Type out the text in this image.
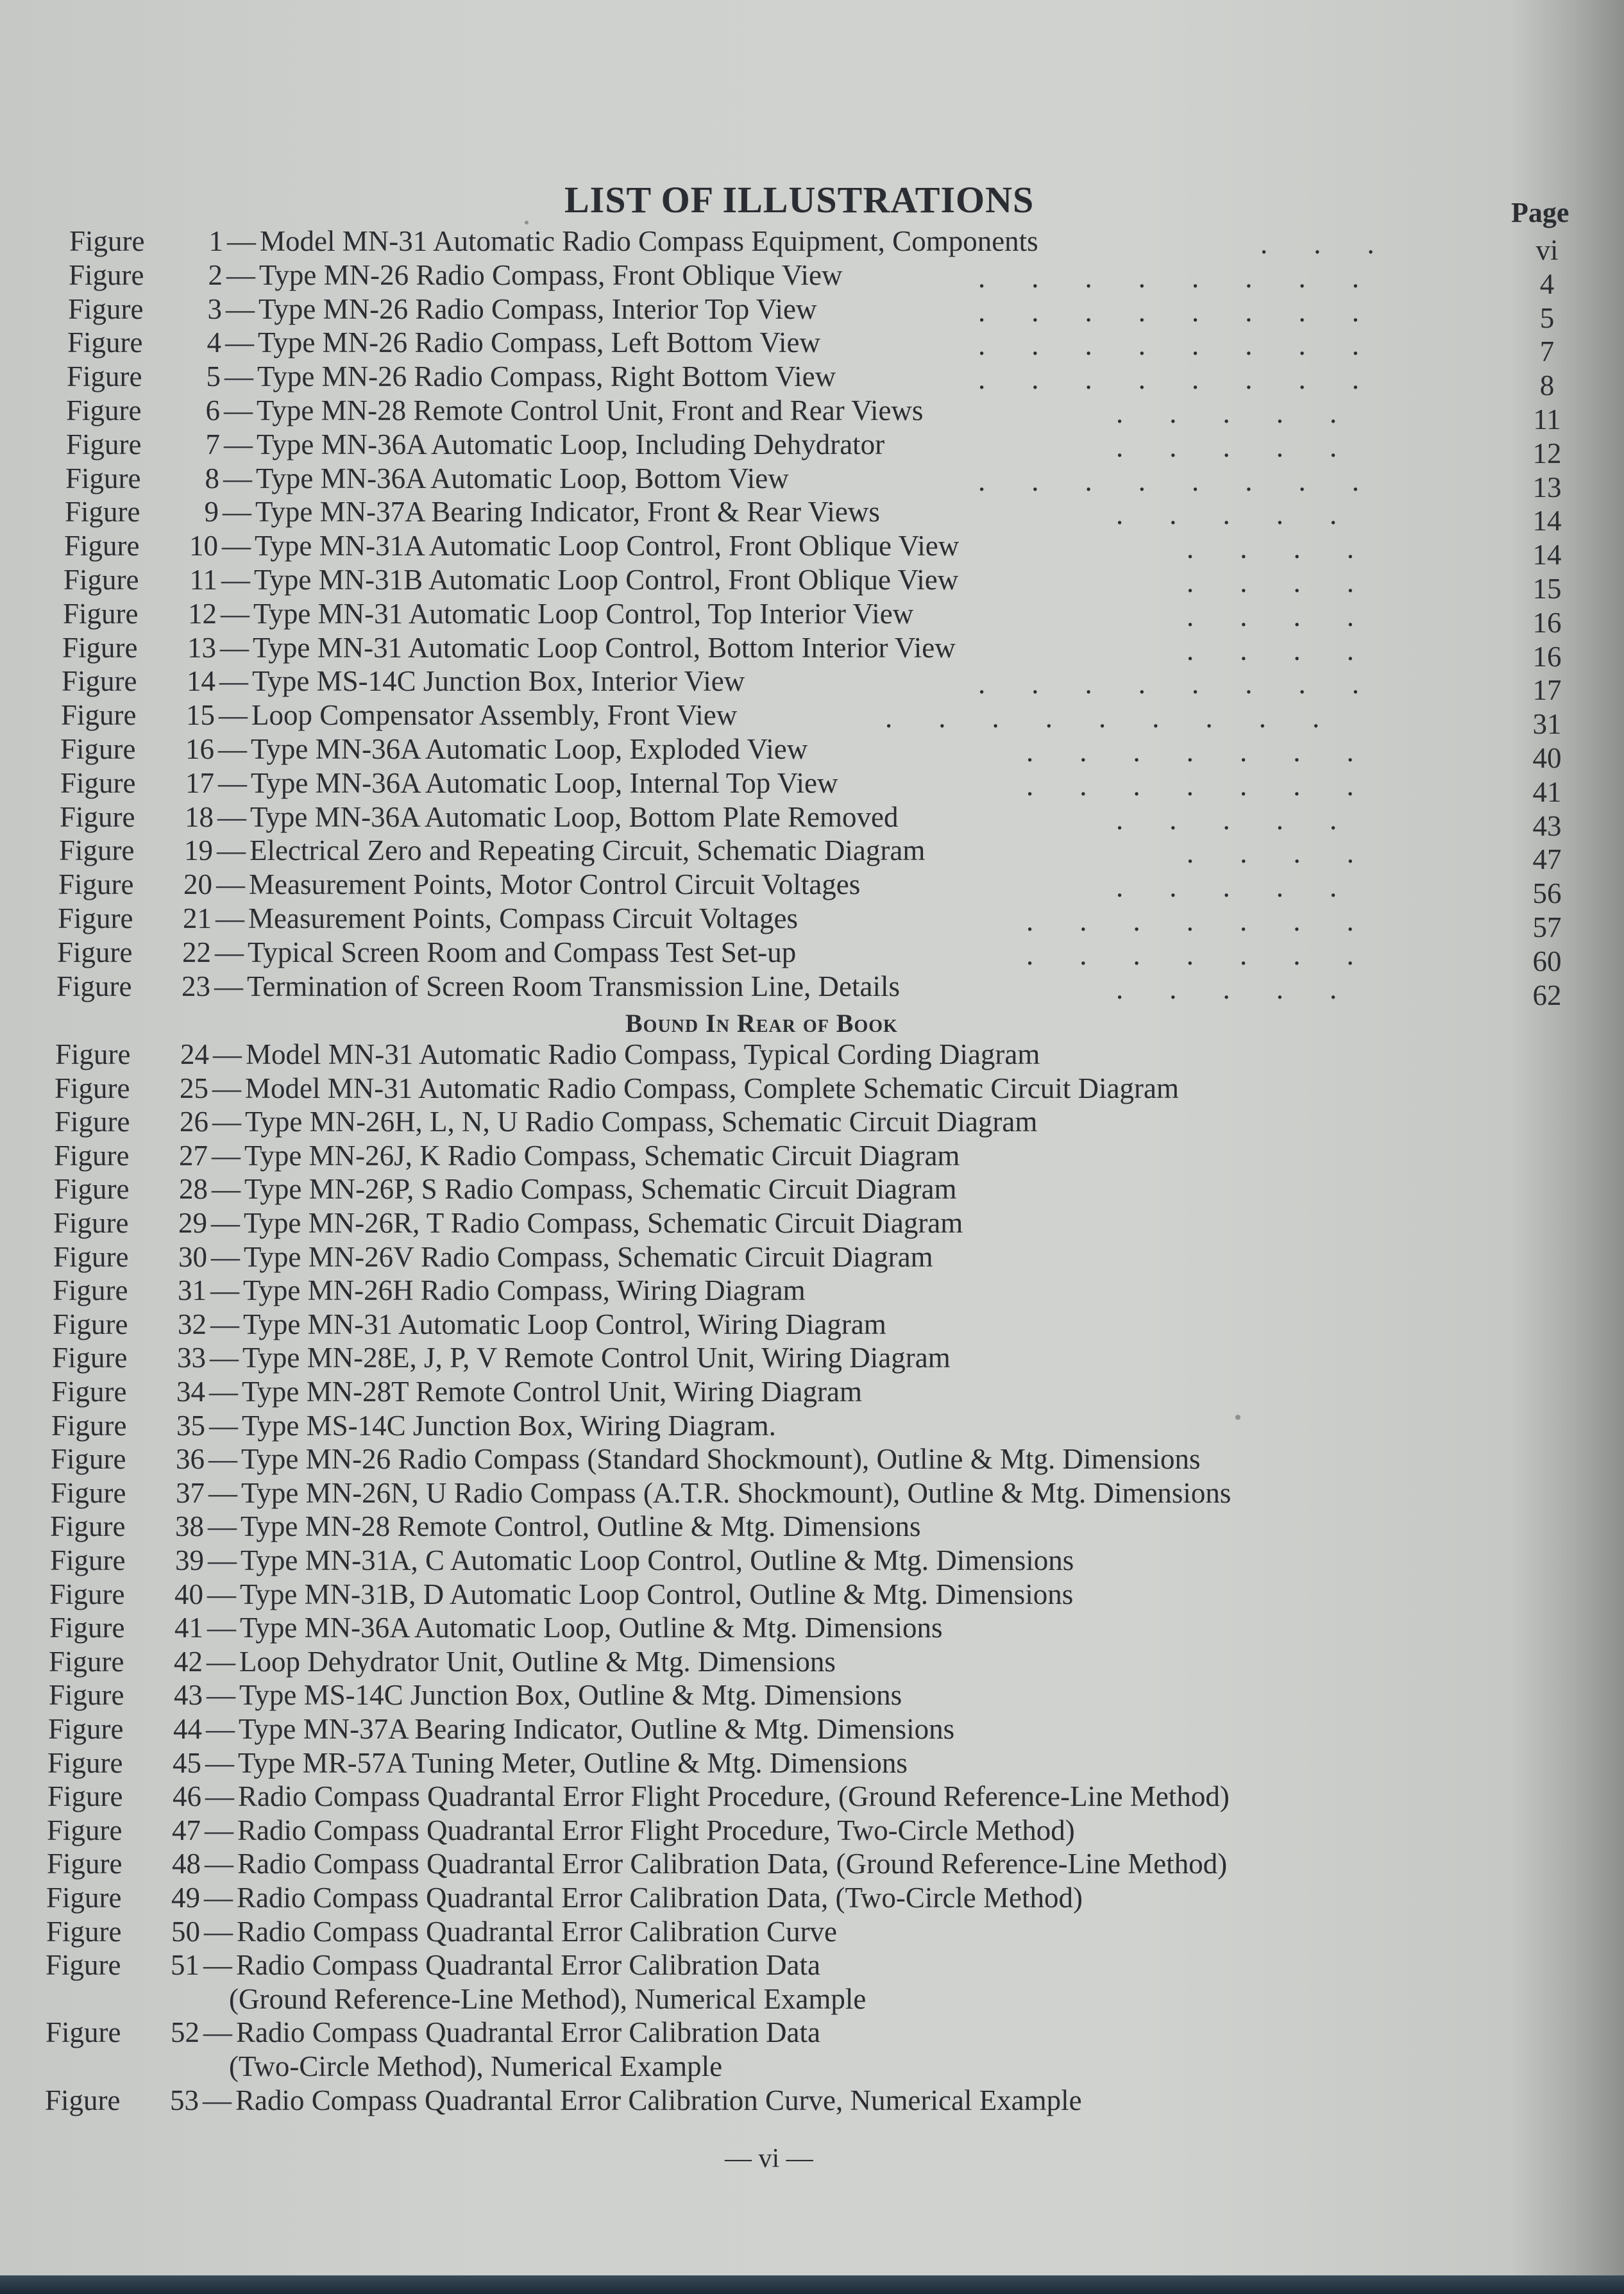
LIST OF ILLUSTRATIONS	Page
Figure 1 — Model MN-31 Automatic Radio Compass Equipment, Components	...	vi
Figure 2 — Type MN-26 Radio Compass, Front Oblique View	........	4
Figure 3 — Type MN-26 Radio Compass, Interior Top View	........	5
Figure 4 — Type MN-26 Radio Compass, Left Bottom View	........	7
Figure 5 — Type MN-26 Radio Compass, Right Bottom View	........	8
Figure 6 — Type MN-28 Remote Control Unit, Front and Rear Views	.....	11
Figure 7 — Type MN-36A Automatic Loop, Including Dehydrator	.....	12
Figure 8 — Type MN-36A Automatic Loop, Bottom View	........	13
Figure 9 — Type MN-37A Bearing Indicator, Front & Rear Views	.....	14
Figure 10 — Type MN-31A Automatic Loop Control, Front Oblique View	....	14
Figure 11 — Type MN-31B Automatic Loop Control, Front Oblique View	....	15
Figure 12 — Type MN-31 Automatic Loop Control, Top Interior View	....	16
Figure 13 — Type MN-31 Automatic Loop Control, Bottom Interior View	....	16
Figure 14 — Type MS-14C Junction Box, Interior View	........	17
Figure 15 — Loop Compensator Assembly, Front View	.........	31
Figure 16 — Type MN-36A Automatic Loop, Exploded View	.......	40
Figure 17 — Type MN-36A Automatic Loop, Internal Top View	.......	41
Figure 18 — Type MN-36A Automatic Loop, Bottom Plate Removed	.....	43
Figure 19 — Electrical Zero and Repeating Circuit, Schematic Diagram	....	47
Figure 20 — Measurement Points, Motor Control Circuit Voltages	.....	56
Figure 21 — Measurement Points, Compass Circuit Voltages	.......	57
Figure 22 — Typical Screen Room and Compass Test Set-up	.......	60
Figure 23 — Termination of Screen Room Transmission Line, Details	.....	62
Bound In Rear of Book
Figure 24 — Model MN-31 Automatic Radio Compass, Typical Cording Diagram
Figure 25 — Model MN-31 Automatic Radio Compass, Complete Schematic Circuit Diagram
Figure 26 — Type MN-26H, L, N, U Radio Compass, Schematic Circuit Diagram
Figure 27 — Type MN-26J, K Radio Compass, Schematic Circuit Diagram
Figure 28 — Type MN-26P, S Radio Compass, Schematic Circuit Diagram
Figure 29 — Type MN-26R, T Radio Compass, Schematic Circuit Diagram
Figure 30 — Type MN-26V Radio Compass, Schematic Circuit Diagram
Figure 31 — Type MN-26H Radio Compass, Wiring Diagram
Figure 32 — Type MN-31 Automatic Loop Control, Wiring Diagram
Figure 33 — Type MN-28E, J, P, V Remote Control Unit, Wiring Diagram
Figure 34 — Type MN-28T Remote Control Unit, Wiring Diagram
Figure 35 — Type MS-14C Junction Box, Wiring Diagram.
Figure 36 — Type MN-26 Radio Compass (Standard Shockmount), Outline & Mtg. Dimensions
Figure 37 — Type MN-26N, U Radio Compass (A.T.R. Shockmount), Outline & Mtg. Dimensions
Figure 38 — Type MN-28 Remote Control, Outline & Mtg. Dimensions
Figure 39 — Type MN-31A, C Automatic Loop Control, Outline & Mtg. Dimensions
Figure 40 — Type MN-31B, D Automatic Loop Control, Outline & Mtg. Dimensions
Figure 41 — Type MN-36A Automatic Loop, Outline & Mtg. Dimensions
Figure 42 — Loop Dehydrator Unit, Outline & Mtg. Dimensions
Figure 43 — Type MS-14C Junction Box, Outline & Mtg. Dimensions
Figure 44 — Type MN-37A Bearing Indicator, Outline & Mtg. Dimensions
Figure 45 — Type MR-57A Tuning Meter, Outline & Mtg. Dimensions
Figure 46 — Radio Compass Quadrantal Error Flight Procedure, (Ground Reference-Line Method)
Figure 47 — Radio Compass Quadrantal Error Flight Procedure, Two-Circle Method)
Figure 48 — Radio Compass Quadrantal Error Calibration Data, (Ground Reference-Line Method)
Figure 49 — Radio Compass Quadrantal Error Calibration Data, (Two-Circle Method)
Figure 50 — Radio Compass Quadrantal Error Calibration Curve
Figure 51 — Radio Compass Quadrantal Error Calibration Data
(Ground Reference-Line Method), Numerical Example
Figure 52 — Radio Compass Quadrantal Error Calibration Data
(Two-Circle Method), Numerical Example
Figure 53 — Radio Compass Quadrantal Error Calibration Curve, Numerical Example
— vi —
